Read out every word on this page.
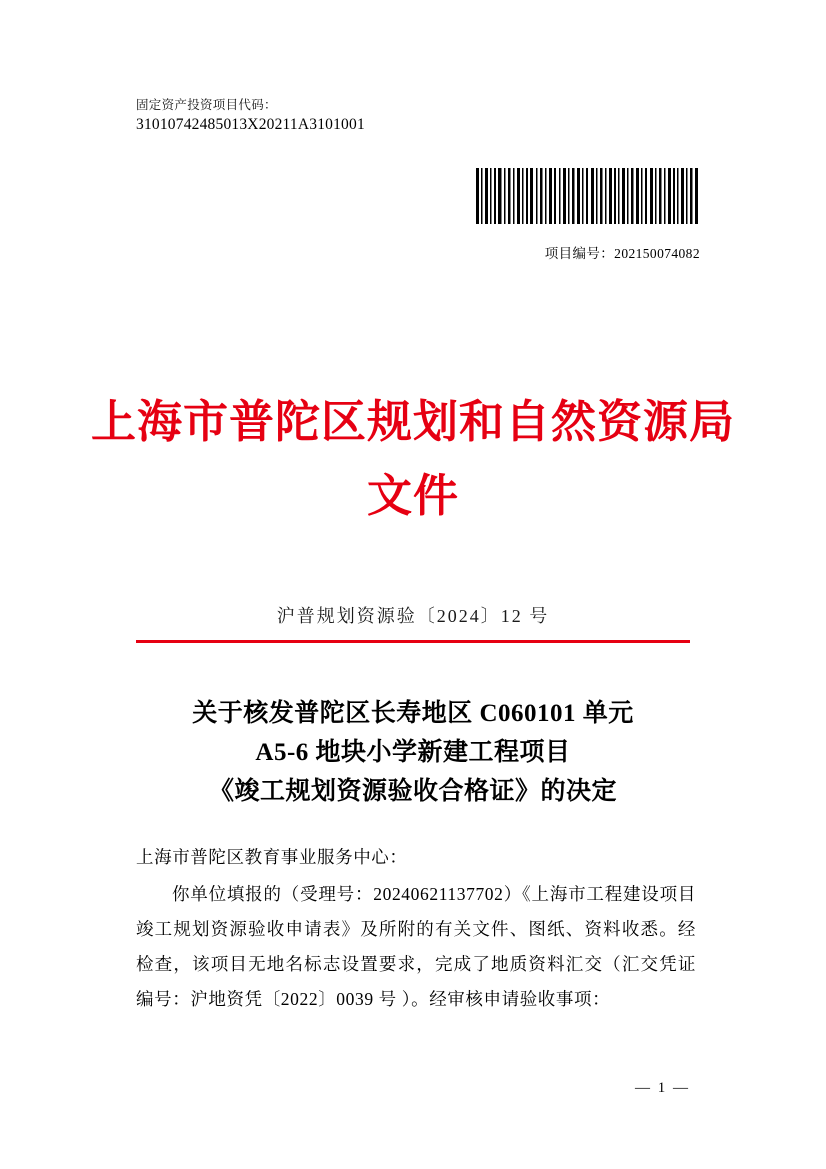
固定资产投资项目代码：
31010742485013X20211A3101001
项目编号：202150074082
上海市普陀区规划和自然资源局
文件
沪普规划资源验〔2024〕12 号
关于核发普陀区长寿地区 C060101 单元
A5-6 地块小学新建工程项目
《竣工规划资源验收合格证》的决定

上海市普陀区教育事业服务中心：

你单位填报的（受理号：20240621137702）《上海市工程建设项目竣工规划资源验收申请表》及所附的有关文件、图纸、资料收悉。经检查，该项目无地名标志设置要求，完成了地质资料汇交（汇交凭证编号：沪地资凭〔2022〕0039 号 ）。经审核申请验收事项：

— 1 —
